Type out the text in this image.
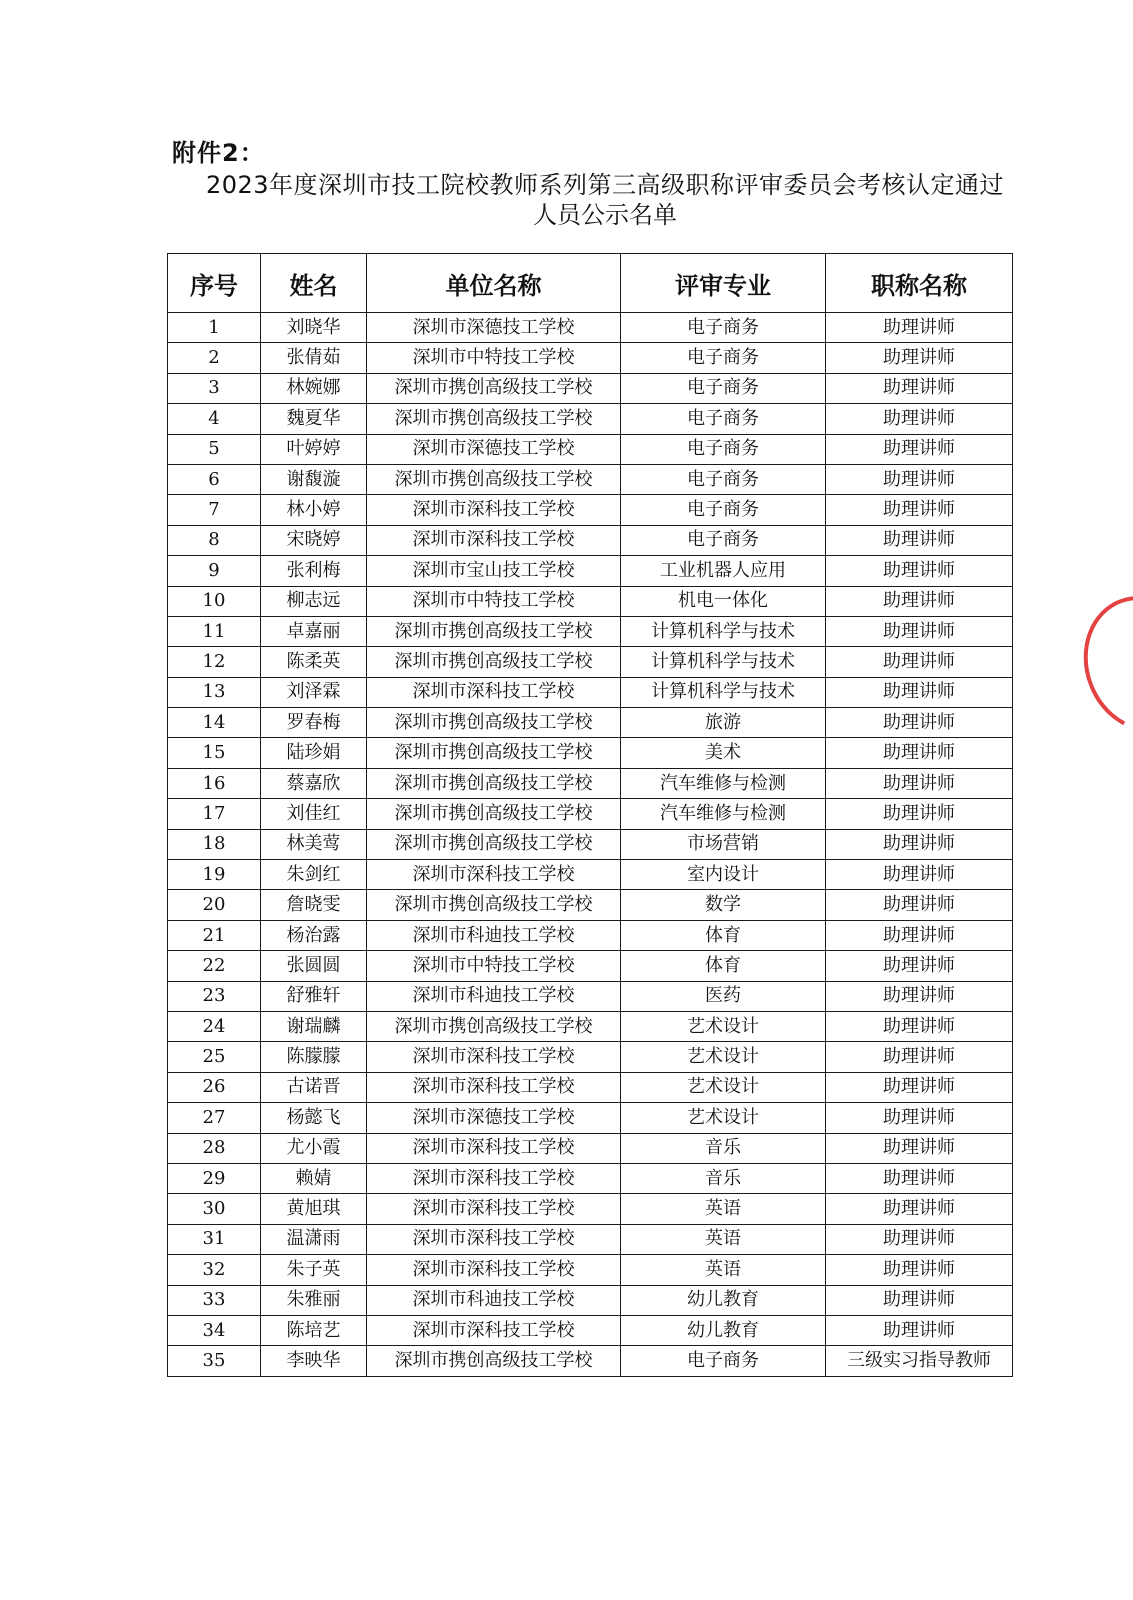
附件2：
2023年度深圳市技工院校教师系列第三高级职称评审委员会考核认定通过
人员公示名单
序号	姓名	单位名称	评审专业	职称名称
1	刘晓华	深圳市深德技工学校	电子商务	助理讲师
2	张倩茹	深圳市中特技工学校	电子商务	助理讲师
3	林婉娜	深圳市携创高级技工学校	电子商务	助理讲师
4	魏夏华	深圳市携创高级技工学校	电子商务	助理讲师
5	叶婷婷	深圳市深德技工学校	电子商务	助理讲师
6	谢馥漩	深圳市携创高级技工学校	电子商务	助理讲师
7	林小婷	深圳市深科技工学校	电子商务	助理讲师
8	宋晓婷	深圳市深科技工学校	电子商务	助理讲师
9	张利梅	深圳市宝山技工学校	工业机器人应用	助理讲师
10	柳志远	深圳市中特技工学校	机电一体化	助理讲师
11	卓嘉丽	深圳市携创高级技工学校	计算机科学与技术	助理讲师
12	陈柔英	深圳市携创高级技工学校	计算机科学与技术	助理讲师
13	刘泽霖	深圳市深科技工学校	计算机科学与技术	助理讲师
14	罗春梅	深圳市携创高级技工学校	旅游	助理讲师
15	陆珍娟	深圳市携创高级技工学校	美术	助理讲师
16	蔡嘉欣	深圳市携创高级技工学校	汽车维修与检测	助理讲师
17	刘佳红	深圳市携创高级技工学校	汽车维修与检测	助理讲师
18	林美莺	深圳市携创高级技工学校	市场营销	助理讲师
19	朱剑红	深圳市深科技工学校	室内设计	助理讲师
20	詹晓雯	深圳市携创高级技工学校	数学	助理讲师
21	杨治露	深圳市科迪技工学校	体育	助理讲师
22	张圆圆	深圳市中特技工学校	体育	助理讲师
23	舒雅轩	深圳市科迪技工学校	医药	助理讲师
24	谢瑞麟	深圳市携创高级技工学校	艺术设计	助理讲师
25	陈朦朦	深圳市深科技工学校	艺术设计	助理讲师
26	古诺晋	深圳市深科技工学校	艺术设计	助理讲师
27	杨懿飞	深圳市深德技工学校	艺术设计	助理讲师
28	尤小霞	深圳市深科技工学校	音乐	助理讲师
29	赖婧	深圳市深科技工学校	音乐	助理讲师
30	黄旭琪	深圳市深科技工学校	英语	助理讲师
31	温潇雨	深圳市深科技工学校	英语	助理讲师
32	朱子英	深圳市深科技工学校	英语	助理讲师
33	朱雅丽	深圳市科迪技工学校	幼儿教育	助理讲师
34	陈培艺	深圳市深科技工学校	幼儿教育	助理讲师
35	李映华	深圳市携创高级技工学校	电子商务	三级实习指导教师
